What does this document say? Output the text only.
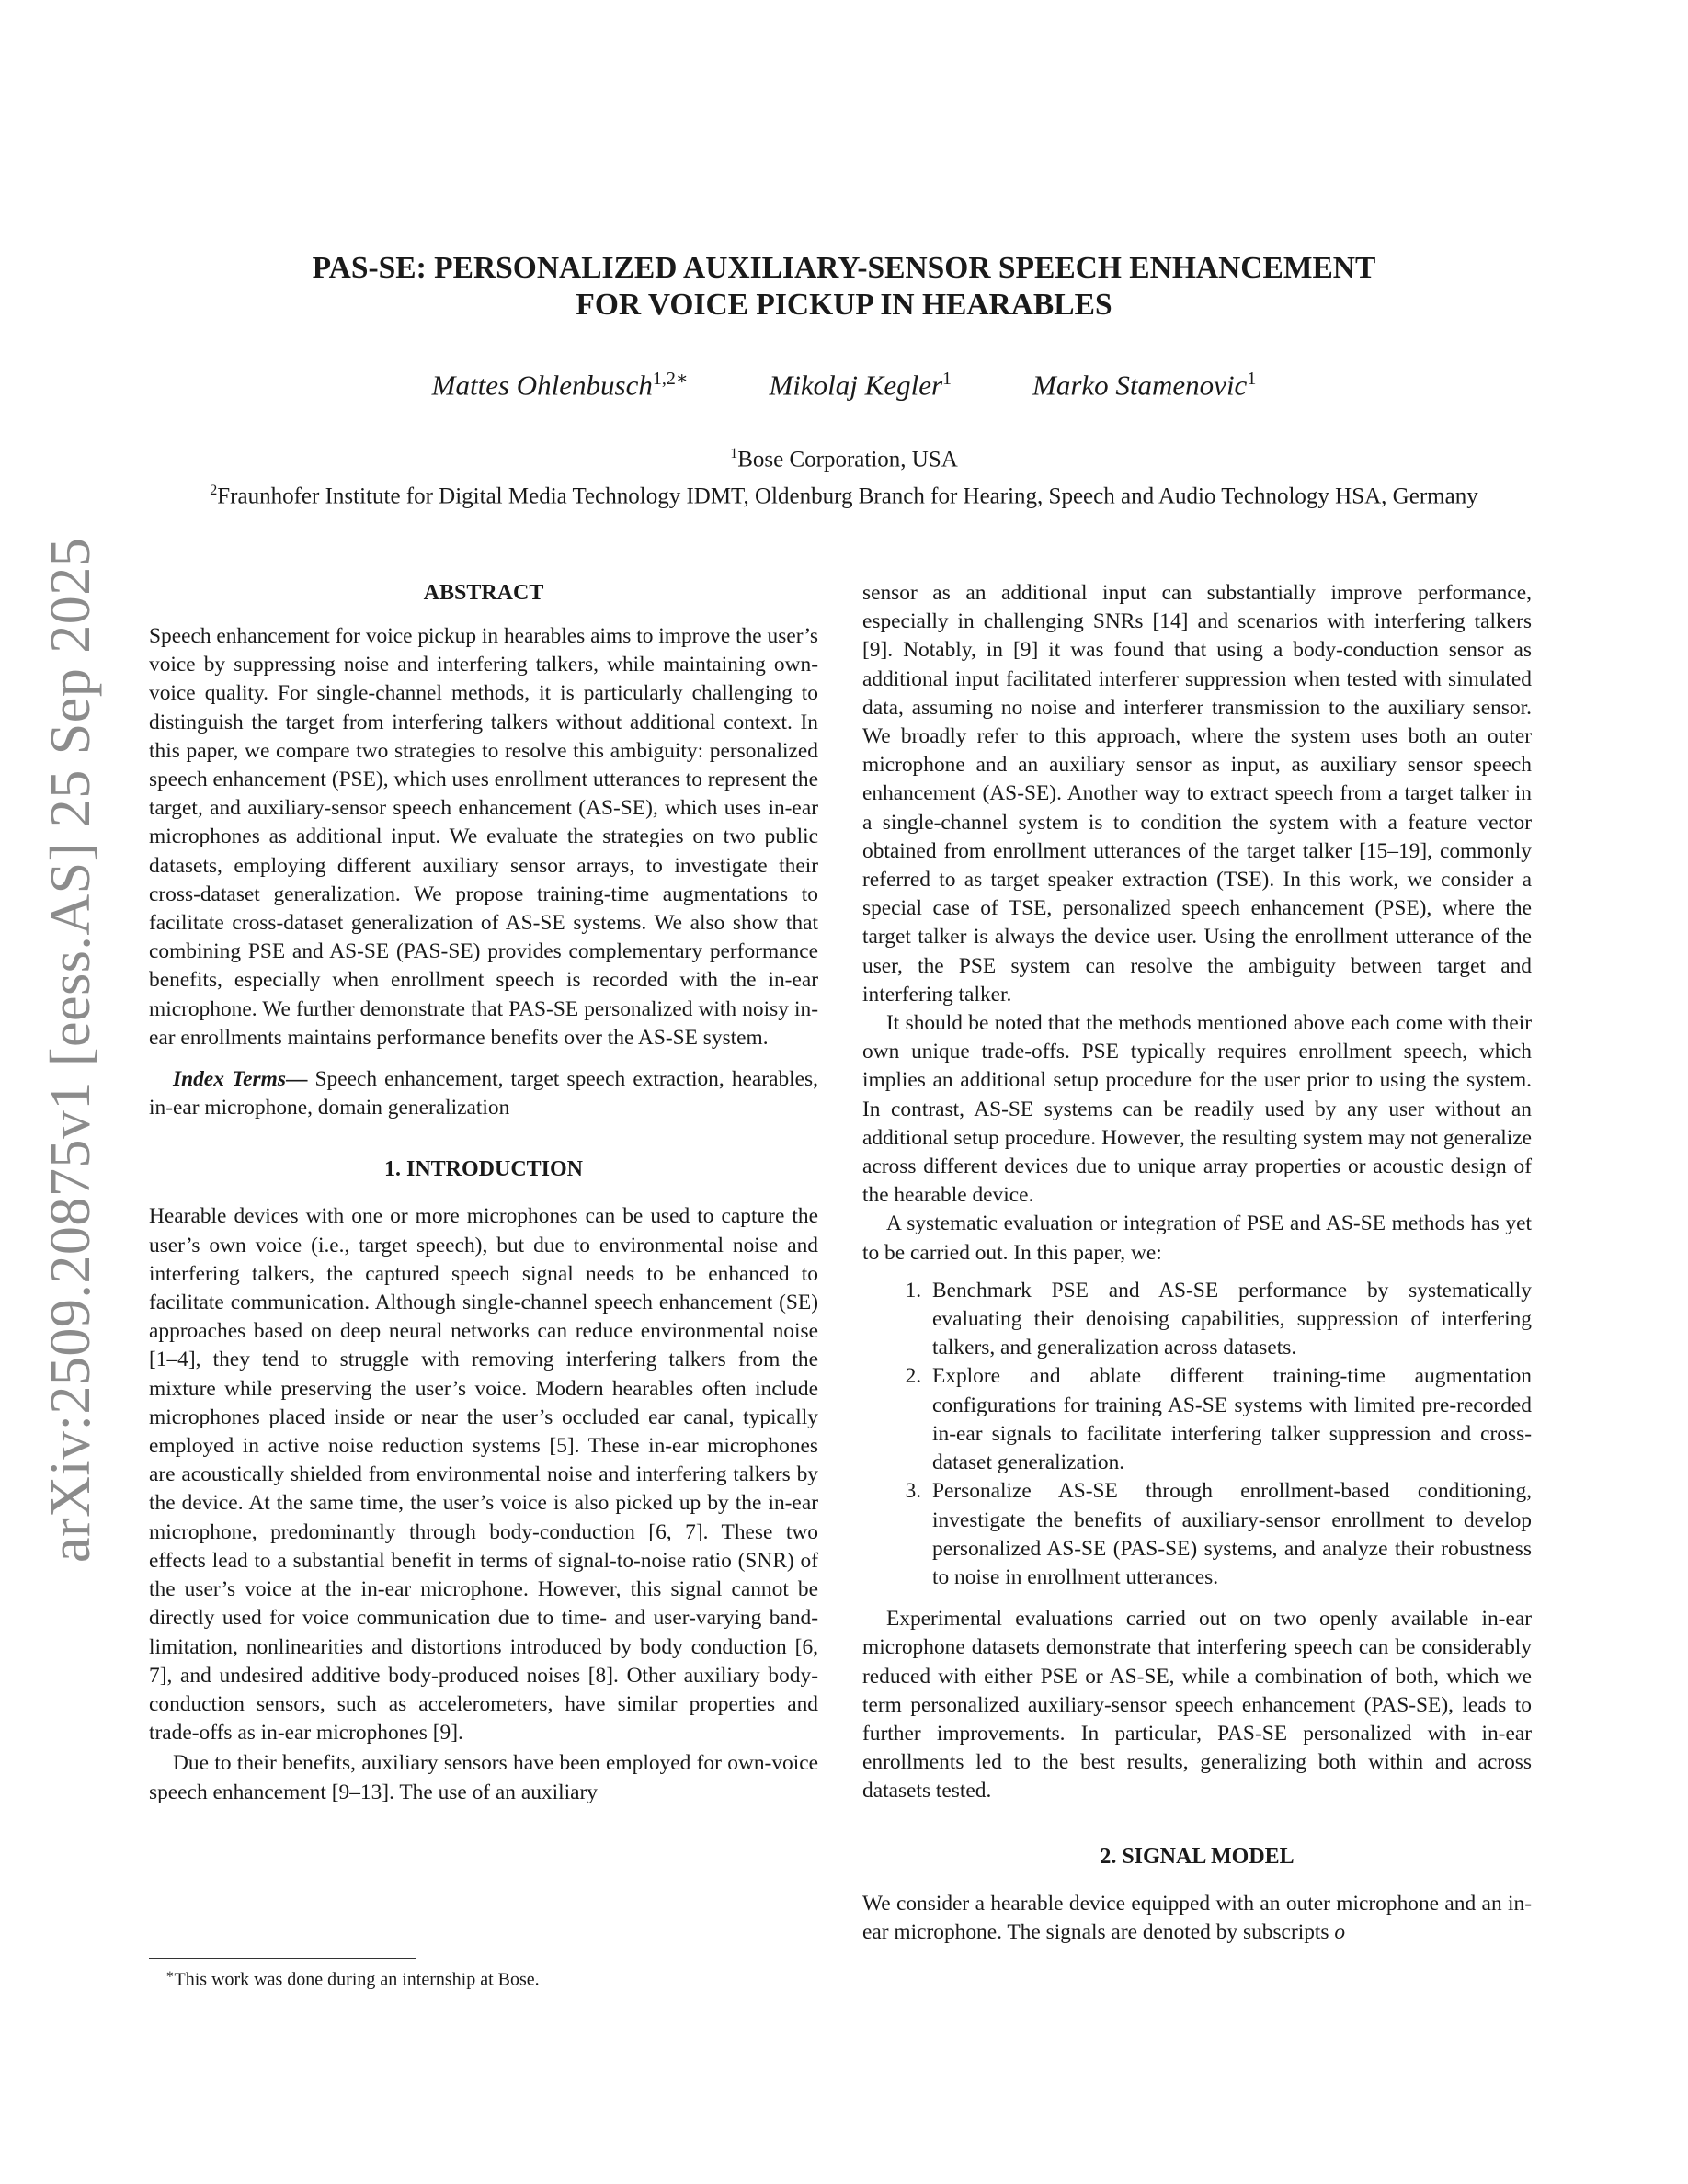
arXiv:2509.20875v1 [eess.AS] 25 Sep 2025
PAS-SE: PERSONALIZED AUXILIARY-SENSOR SPEECH ENHANCEMENT
FOR VOICE PICKUP IN HEARABLES
Mattes Ohlenbusch$^{1,2∗}$	Mikolaj Kegler$^1$	Marko Stamenovic$^1$
$^1$Bose Corporation, USA
$^2$Fraunhofer Institute for Digital Media Technology IDMT, Oldenburg Branch for Hearing, Speech and Audio Technology HSA, Germany

ABSTRACT

Speech enhancement for voice pickup in hearables aims to improve the user’s voice by suppressing noise and interfering talkers, while maintaining own-voice quality. For single-channel methods, it is particularly challenging to distinguish the target from interfering talkers without additional context. In this paper, we compare two strategies to resolve this ambiguity: personalized speech enhancement (PSE), which uses enrollment utterances to represent the target, and auxiliary-sensor speech enhancement (AS-SE), which uses in-ear microphones as additional input. We evaluate the strategies on two public datasets, employing different auxiliary sensor arrays, to investigate their cross-dataset generalization. We propose training-time augmentations to facilitate cross-dataset generalization of AS-SE systems. We also show that combining PSE and AS-SE (PAS-SE) provides complementary performance benefits, especially when enrollment speech is recorded with the in-ear microphone. We further demonstrate that PAS-SE personalized with noisy in-ear enrollments maintains performance benefits over the AS-SE system.

Index Terms— Speech enhancement, target speech extraction, hearables, in-ear microphone, domain generalization

1. INTRODUCTION

Hearable devices with one or more microphones can be used to capture the user’s own voice (i.e., target speech), but due to environmental noise and interfering talkers, the captured speech signal needs to be enhanced to facilitate communication. Although single-channel speech enhancement (SE) approaches based on deep neural networks can reduce environmental noise [1–4], they tend to struggle with removing interfering talkers from the mixture while preserving the user’s voice. Modern hearables often include microphones placed inside or near the user’s occluded ear canal, typically employed in active noise reduction systems [5]. These in-ear microphones are acoustically shielded from environmental noise and interfering talkers by the device. At the same time, the user’s voice is also picked up by the in-ear microphone, predominantly through body-conduction [6, 7]. These two effects lead to a substantial benefit in terms of signal-to-noise ratio (SNR) of the user’s voice at the in-ear microphone. However, this signal cannot be directly used for voice communication due to time- and user-varying band-limitation, nonlinearities and distortions introduced by body conduction [6, 7], and undesired additive body-produced noises [8]. Other auxiliary body-conduction sensors, such as accelerometers, have similar properties and trade-offs as in-ear microphones [9].

Due to their benefits, auxiliary sensors have been employed for own-voice speech enhancement [9–13]. The use of an auxiliary

sensor as an additional input can substantially improve performance, especially in challenging SNRs [14] and scenarios with interfering talkers [9]. Notably, in [9] it was found that using a body-conduction sensor as additional input facilitated interferer suppression when tested with simulated data, assuming no noise and interferer transmission to the auxiliary sensor. We broadly refer to this approach, where the system uses both an outer microphone and an auxiliary sensor as input, as auxiliary sensor speech enhancement (AS-SE). Another way to extract speech from a target talker in a single-channel system is to condition the system with a feature vector obtained from enrollment utterances of the target talker [15–19], commonly referred to as target speaker extraction (TSE). In this work, we consider a special case of TSE, personalized speech enhancement (PSE), where the target talker is always the device user. Using the enrollment utterance of the user, the PSE system can resolve the ambiguity between target and interfering talker.

It should be noted that the methods mentioned above each come with their own unique trade-offs. PSE typically requires enrollment speech, which implies an additional setup procedure for the user prior to using the system. In contrast, AS-SE systems can be readily used by any user without an additional setup procedure. However, the resulting system may not generalize across different devices due to unique array properties or acoustic design of the hearable device.

A systematic evaluation or integration of PSE and AS-SE methods has yet to be carried out. In this paper, we:

1. Benchmark PSE and AS-SE performance by systematically evaluating their denoising capabilities, suppression of interfering talkers, and generalization across datasets.
2. Explore and ablate different training-time augmentation configurations for training AS-SE systems with limited pre-recorded in-ear signals to facilitate interfering talker suppression and cross-dataset generalization.
3. Personalize AS-SE through enrollment-based conditioning, investigate the benefits of auxiliary-sensor enrollment to develop personalized AS-SE (PAS-SE) systems, and analyze their robustness to noise in enrollment utterances.

Experimental evaluations carried out on two openly available in-ear microphone datasets demonstrate that interfering speech can be considerably reduced with either PSE or AS-SE, while a combination of both, which we term personalized auxiliary-sensor speech enhancement (PAS-SE), leads to further improvements. In particular, PAS-SE personalized with in-ear enrollments led to the best results, generalizing both within and across datasets tested.

2. SIGNAL MODEL

We consider a hearable device equipped with an outer microphone and an in-ear microphone. The signals are denoted by subscripts o

∗This work was done during an internship at Bose.
